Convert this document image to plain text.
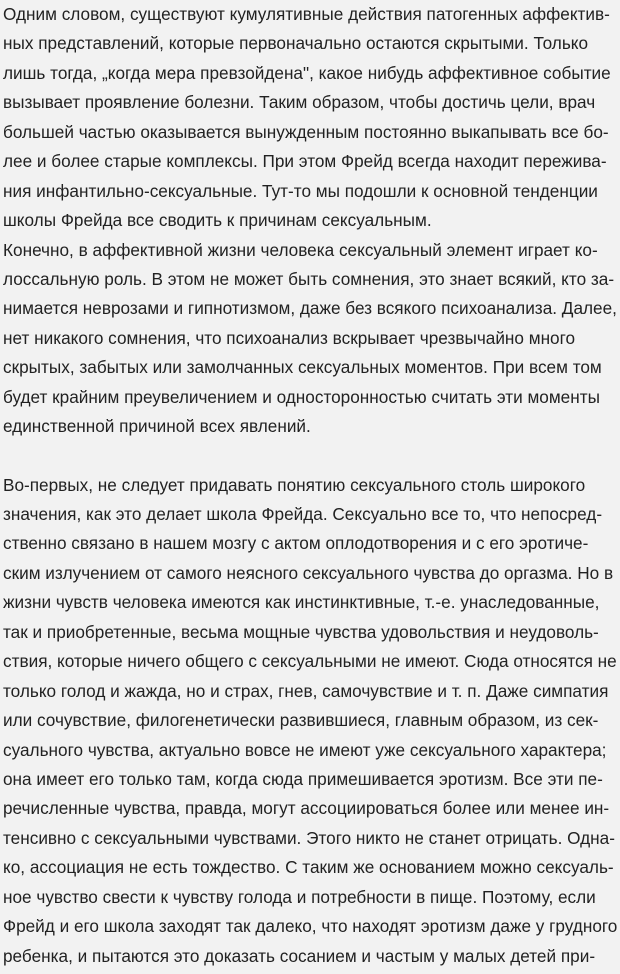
Одним словом, существуют кумулятивные действия патогенных аффектив-
ных представлений, которые первоначально остаются скрытыми. Только
лишь тогда, „когда мера превзойдена", какое нибудь аффективное событие
вызывает проявление болезни. Таким образом, чтобы достичь цели, врач
большей частью оказывается вынужденным постоянно выкапывать все бо-
лее и более старые комплексы. При этом Фрейд всегда находит пережива-
ния инфантильно-сексуальные. Тут-то мы подошли к основной тенденции
школы Фрейда все сводить к причинам сексуальным.
Конечно, в аффективной жизни человека сексуальный элемент играет ко-
лоссальную роль. В этом не может быть сомнения, это знает всякий, кто за-
нимается неврозами и гипнотизмом, даже без всякого психоанализа. Далее,
нет никакого сомнения, что психоанализ вскрывает чрезвычайно много
скрытых, забытых или замолчанных сексуальных моментов. При всем том
будет крайним преувеличением и односторонностью считать эти моменты
единственной причиной всех явлений.
Во-первых, не следует придавать понятию сексуального столь широкого
значения, как это делает школа Фрейда. Сексуально все то, что непосред-
ственно связано в нашем мозгу с актом оплодотворения и с его эротиче-
ским излучением от самого неясного сексуального чувства до оргазма. Но в
жизни чувств человека имеются как инстинктивные, т.-е. унаследованные,
так и приобретенные, весьма мощные чувства удовольствия и неудоволь-
ствия, которые ничего общего с сексуальными не имеют. Сюда относятся не
только голод и жажда, но и страх, гнев, самочувствие и т. п. Даже симпатия
или сочувствие, филогенетически развившиеся, главным образом, из сек-
суального чувства, актуально вовсе не имеют уже сексуального характера;
она имеет его только там, когда сюда примешивается эротизм. Все эти пе-
речисленные чувства, правда, могут ассоциироваться более или менее ин-
тенсивно с сексуальными чувствами. Этого никто не станет отрицать. Одна-
ко, ассоциация не есть тождество. С таким же основанием можно сексуаль-
ное чувство свести к чувству голода и потребности в пище. Поэтому, если
Фрейд и его школа заходят так далеко, что находят эротизм даже у грудного
ребенка, и пытаются это доказать сосанием и частым у малых детей при-
